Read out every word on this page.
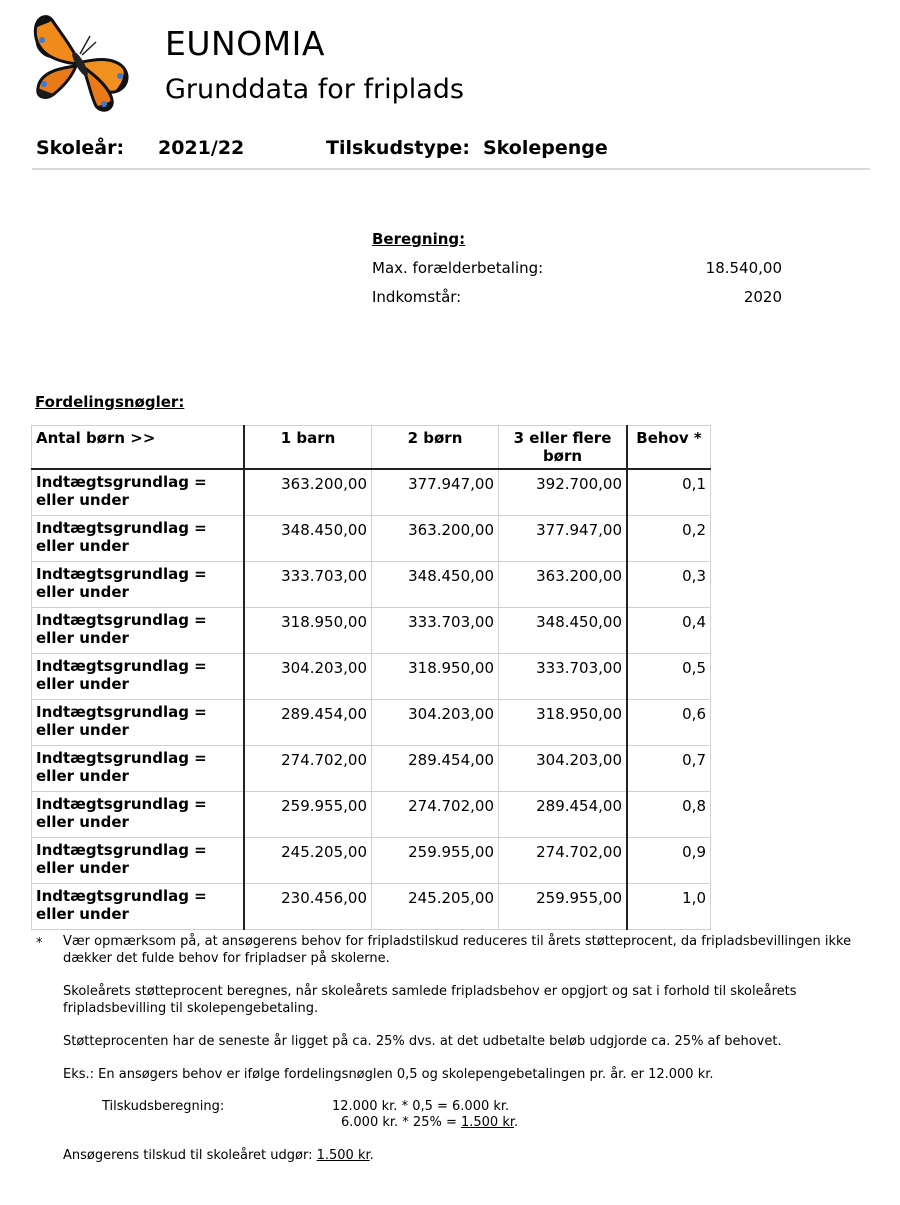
EUNOMIA
Grunddata for friplads
Skoleår: 2021/22	Tilskudstype: Skolepenge
Beregning:
Max. forælderbetaling:	18.540,00
Indkomstår:	2020
Fordelingsnøgler:
Antal børn >>	1 barn	2 børn	3 eller flere børn	Behov *
Indtægtsgrundlag = eller under	363.200,00	377.947,00	392.700,00	0,1
Indtægtsgrundlag = eller under	348.450,00	363.200,00	377.947,00	0,2
Indtægtsgrundlag = eller under	333.703,00	348.450,00	363.200,00	0,3
Indtægtsgrundlag = eller under	318.950,00	333.703,00	348.450,00	0,4
Indtægtsgrundlag = eller under	304.203,00	318.950,00	333.703,00	0,5
Indtægtsgrundlag = eller under	289.454,00	304.203,00	318.950,00	0,6
Indtægtsgrundlag = eller under	274.702,00	289.454,00	304.203,00	0,7
Indtægtsgrundlag = eller under	259.955,00	274.702,00	289.454,00	0,8
Indtægtsgrundlag = eller under	245.205,00	259.955,00	274.702,00	0,9
Indtægtsgrundlag = eller under	230.456,00	245.205,00	259.955,00	1,0
* Vær opmærksom på, at ansøgerens behov for fripladstilskud reduceres til årets støtteprocent, da fripladsbevillingen ikke dækker det fulde behov for fripladser på skolerne.

Skoleårets støtteprocent beregnes, når skoleårets samlede fripladsbehov er opgjort og sat i forhold til skoleårets fripladsbevilling til skolepengebetaling.

Støtteprocenten har de seneste år ligget på ca. 25% dvs. at det udbetalte beløb udgjorde ca. 25% af behovet.

Eks.: En ansøgers behov er ifølge fordelingsnøglen 0,5 og skolepengebetalingen pr. år. er 12.000 kr.

Tilskudsberegning:	12.000 kr. * 0,5 = 6.000 kr.
6.000 kr. * 25% = 1.500 kr.
Ansøgerens tilskud til skoleåret udgør: 1.500 kr.
